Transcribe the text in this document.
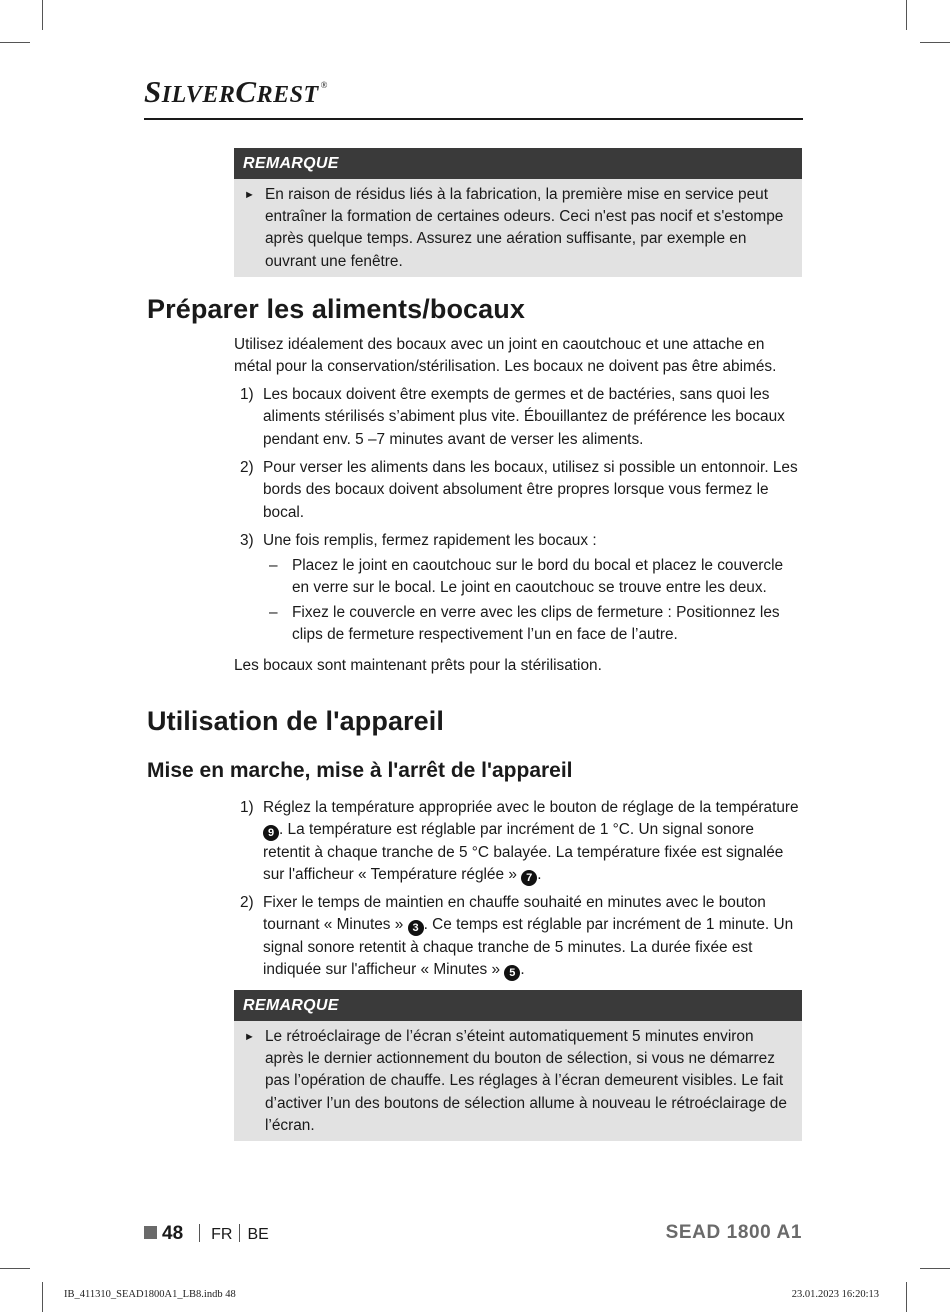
SILVERCREST ®
REMARQUE
► En raison de résidus liés à la fabrication, la première mise en service peut entraîner la formation de certaines odeurs. Ceci n'est pas nocif et s'estompe après quelque temps. Assurez une aération suffisante, par exemple en ouvrant une fenêtre.
Préparer les aliments/bocaux

Utilisez idéalement des bocaux avec un joint en caoutchouc et une attache en métal pour la conservation/stérilisation. Les bocaux ne doivent pas être abimés.

1) Les bocaux doivent être exempts de germes et de bactéries, sans quoi les aliments stérilisés s’abiment plus vite. Ébouillantez de préférence les bocaux pendant env. 5 –7 minutes avant de verser les aliments.
2) Pour verser les aliments dans les bocaux, utilisez si possible un entonnoir. Les bords des bocaux doivent absolument être propres lorsque vous fermez le bocal.
3) Une fois remplis, fermez rapidement les bocaux :
– Placez le joint en caoutchouc sur le bord du bocal et placez le couvercle en verre sur le bocal. Le joint en caoutchouc se trouve entre les deux.
– Fixez le couvercle en verre avec les clips de fermeture : Positionnez les clips de fermeture respectivement l’un en face de l’autre.

Les bocaux sont maintenant prêts pour la stérilisation.

Utilisation de l'appareil
Mise en marche, mise à l'arrêt de l'appareil
1) Réglez la température appropriée avec le bouton de réglage de la température 9 . La température est réglable par incrément de 1 °C. Un signal sonore retentit à chaque tranche de 5 °C balayée. La température fixée est signalée sur l'afficheur « Température réglée » 7 .
2) Fixer le temps de maintien en chauffe souhaité en minutes avec le bouton tournant « Minutes » 3 . Ce temps est réglable par incrément de 1 minute. Un signal sonore retentit à chaque tranche de 5 minutes. La durée fixée est indiquée sur l'afficheur « Minutes » 5 .
REMARQUE
► Le rétroéclairage de l’écran s’éteint automatiquement 5 minutes environ après le dernier actionnement du bouton de sélection, si vous ne démarrez pas l’opération de chauffe. Les réglages à l’écran demeurent visibles. Le fait d’activer l’un des boutons de sélection allume à nouveau le rétroéclairage de l’écran.
48 FR BE	SEAD 1800 A1
IB_411310_SEAD1800A1_LB8.indb 48	23.01.2023 16:20:13
